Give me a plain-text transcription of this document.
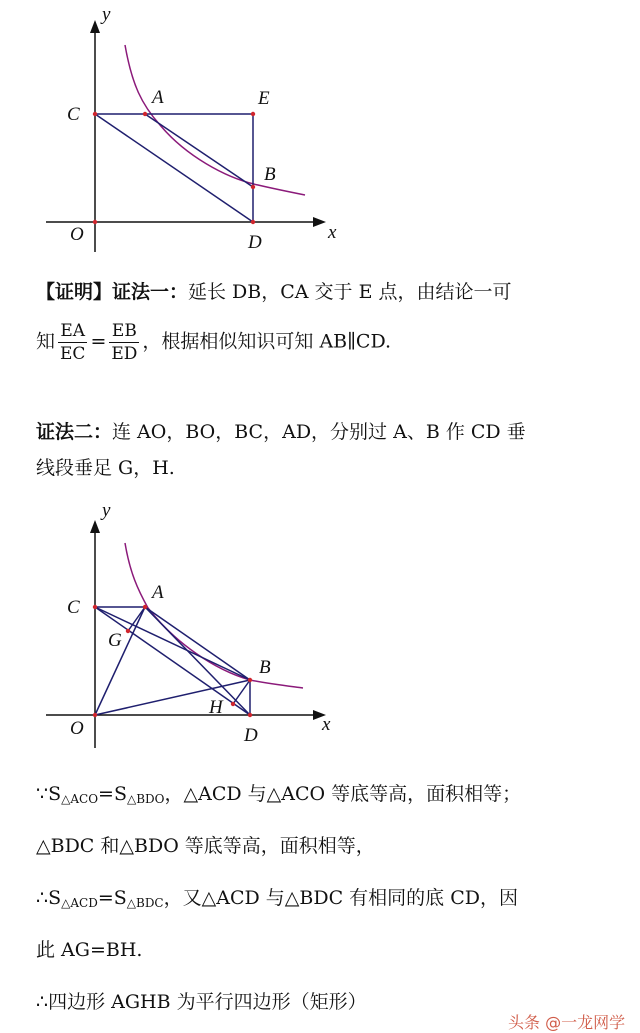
y
x
C
A	E
B
O	D
【证明】证法一：延长 DB，CA 交于 E 点，由结论一可
知 $\frac{EA}{EC} = \frac{EB}{ED}$ ，根据相似知识可知 AB∥CD.
证法二：连 AO，BO，BC，AD，分别过 A、B 作 CD 垂
线段垂足 G，H.
y
x
C
A
G
B
H
O	D
$\because S_{\triangle ACO}=S_{\triangle BDO}$，△ACD 与△ACO 等底等高，面积相等；
△BDC 和△BDO 等底等高，面积相等，
$\therefore S_{\triangle ACD}=S_{\triangle BDC}$，又△ACD 与△BDC 有相同的底 CD，因
此 AG=BH.
∴四边形 AGHB 为平行四边形（矩形）
头条 @一龙网学
